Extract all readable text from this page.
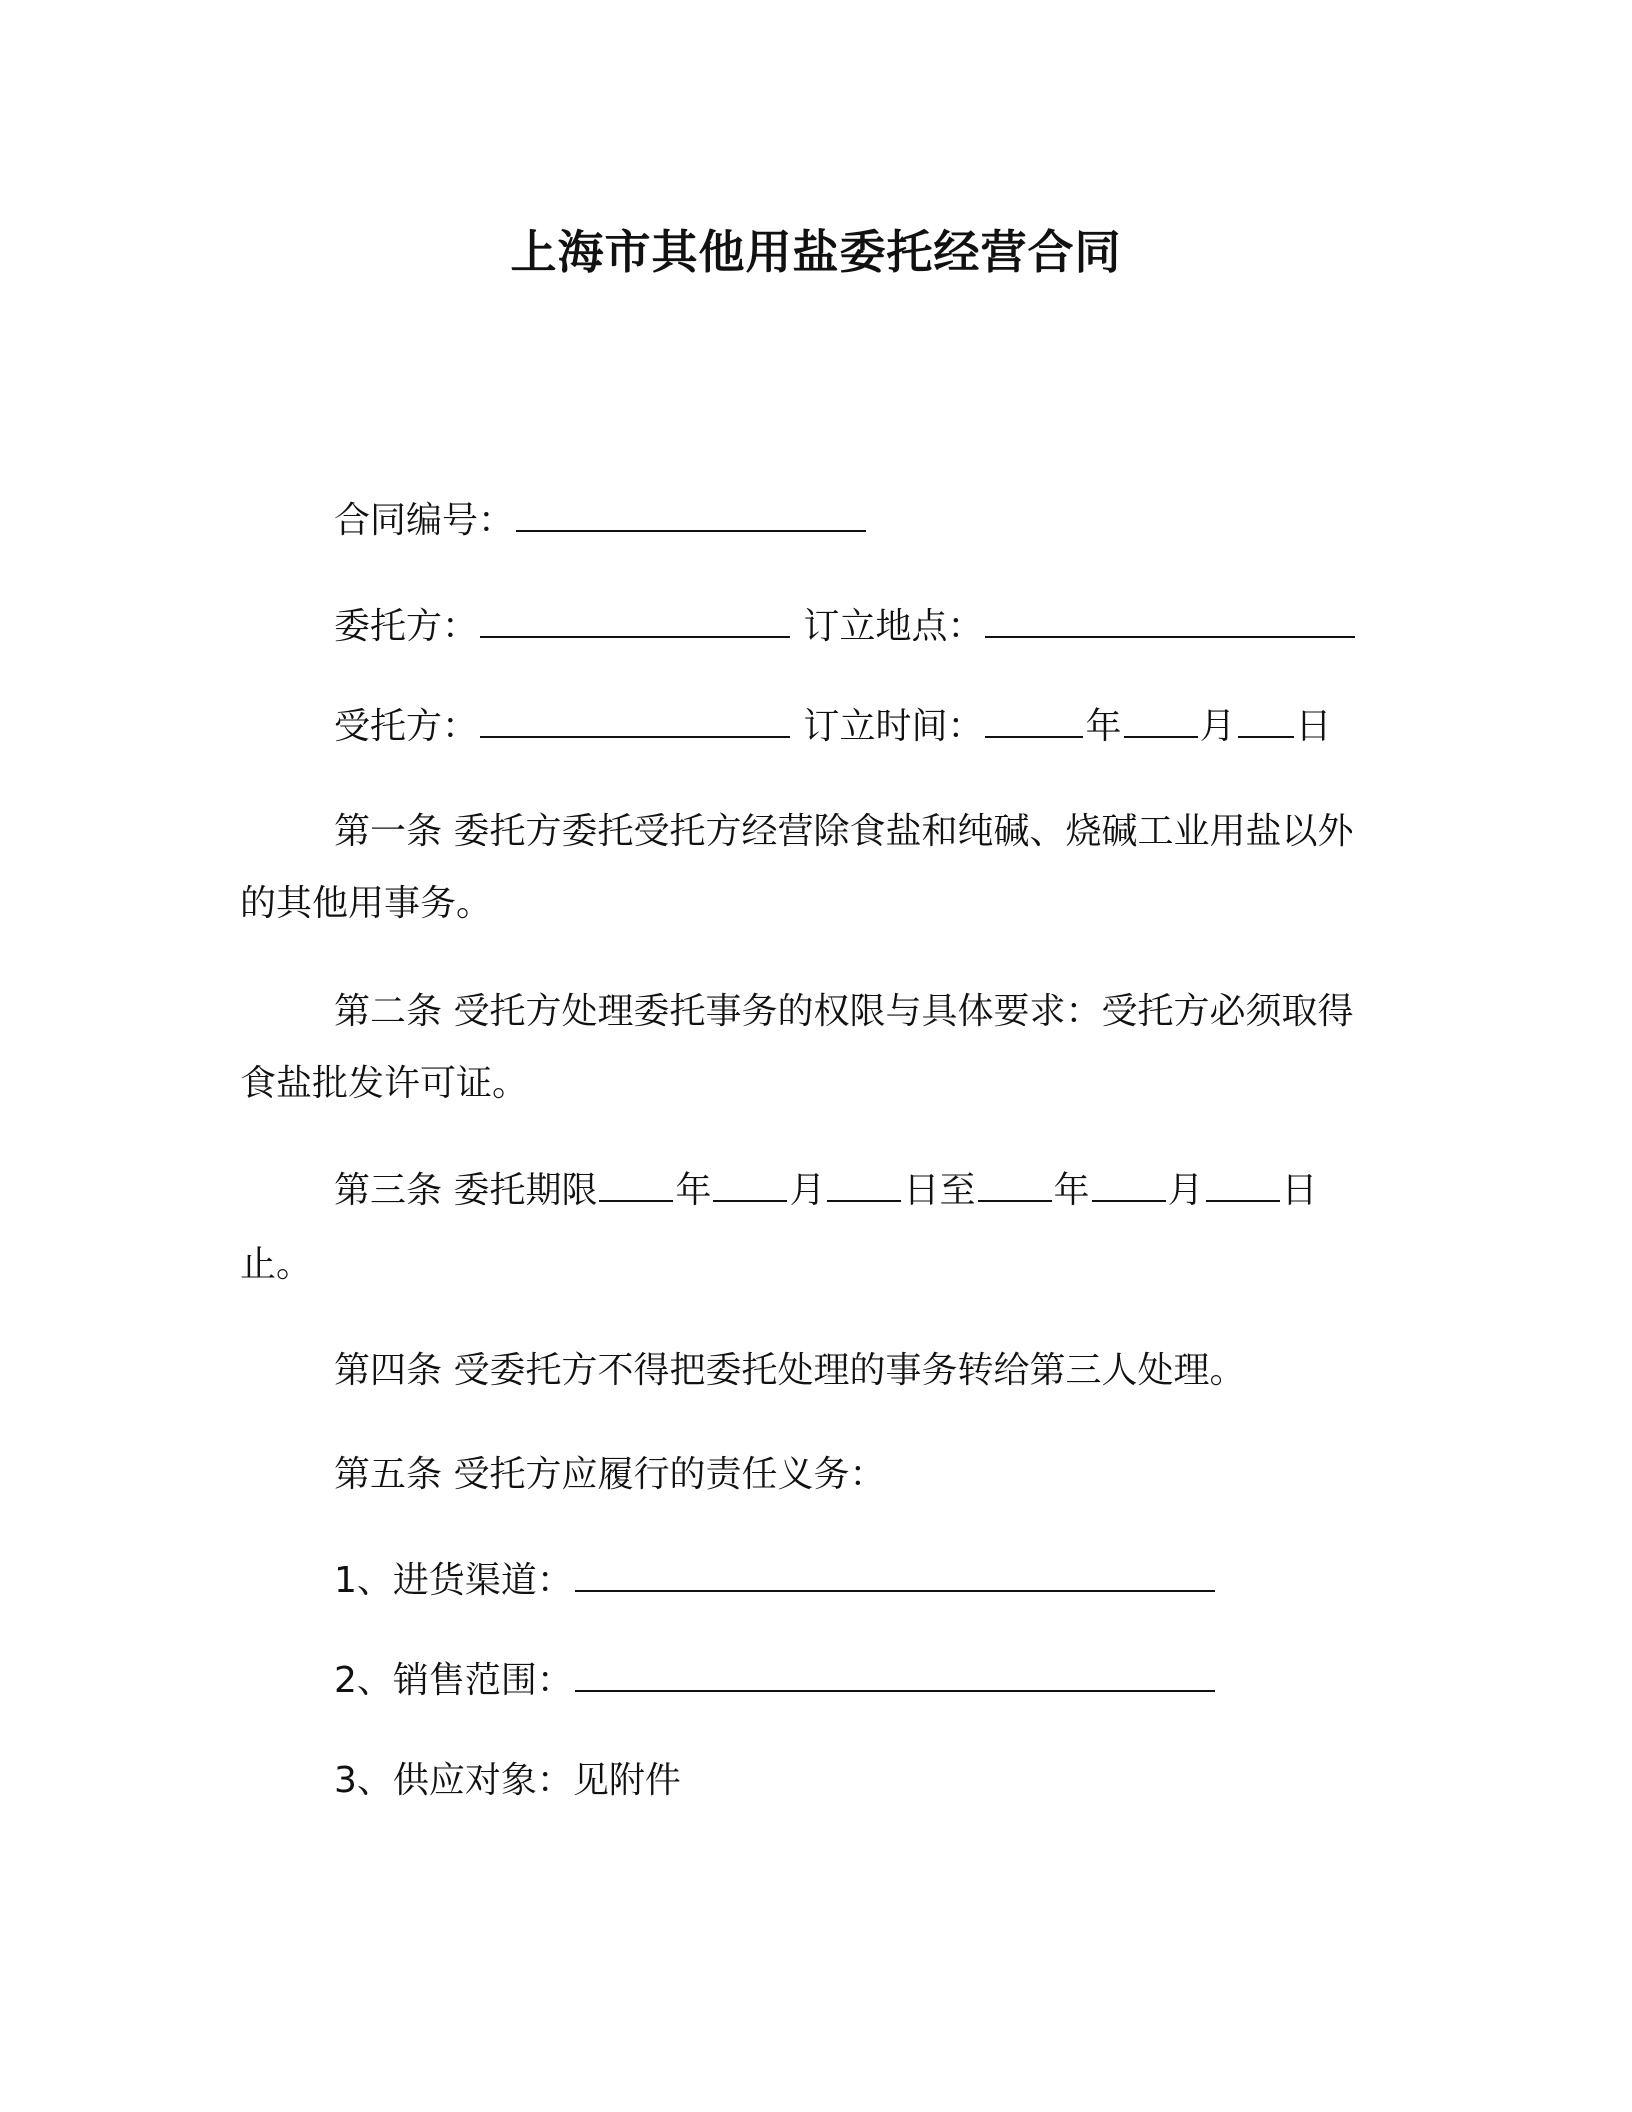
上海市其他用盐委托经营合同

合同编号：

委托方：	订立地点：

受托方：	订立时间：	年 月 日

第一条 委托方委托受托方经营除食盐和纯碱、烧碱工业用盐以外的其他用事务。

第二条 受托方处理委托事务的权限与具体要求：受托方必须取得食盐批发许可证。

第三条 委托期限 年 月 日至 年 月 日

止。

第四条 受委托方不得把委托处理的事务转给第三人处理。

第五条 受托方应履行的责任义务：

1、进货渠道：

2、销售范围：

3、供应对象：见附件
